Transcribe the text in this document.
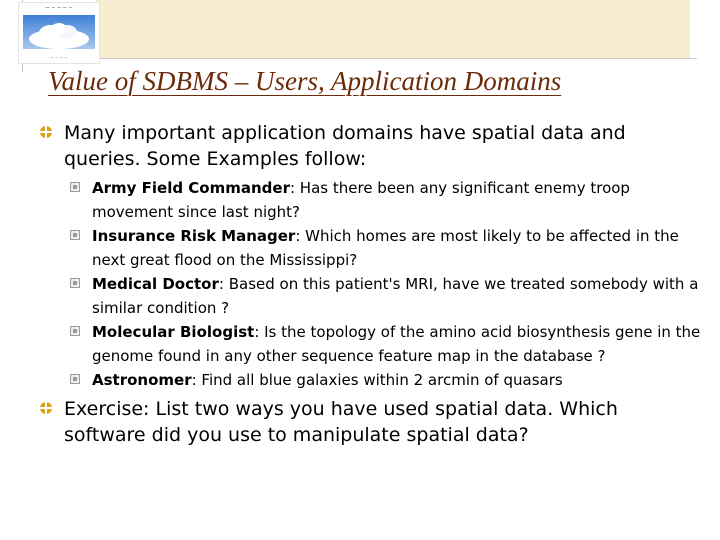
~ ~ ~ ~ ~
~ ~ ~ ~
Value of SDBMS – Users, Application Domains
Many important application domains have spatial data and queries. Some Examples follow:
Army Field Commander: Has there been any significant enemy troop movement since last night?
Insurance Risk Manager: Which homes are most likely to be affected in the next great flood on the Mississippi?
Medical Doctor: Based on this patient's MRI, have we treated somebody with a similar condition ?
Molecular Biologist: Is the topology of the amino acid biosynthesis gene in the genome found in any other sequence feature map in the database ?
Astronomer: Find all blue galaxies within 2 arcmin of quasars
Exercise: List two ways you have used spatial data. Which software did you use to manipulate spatial data?
